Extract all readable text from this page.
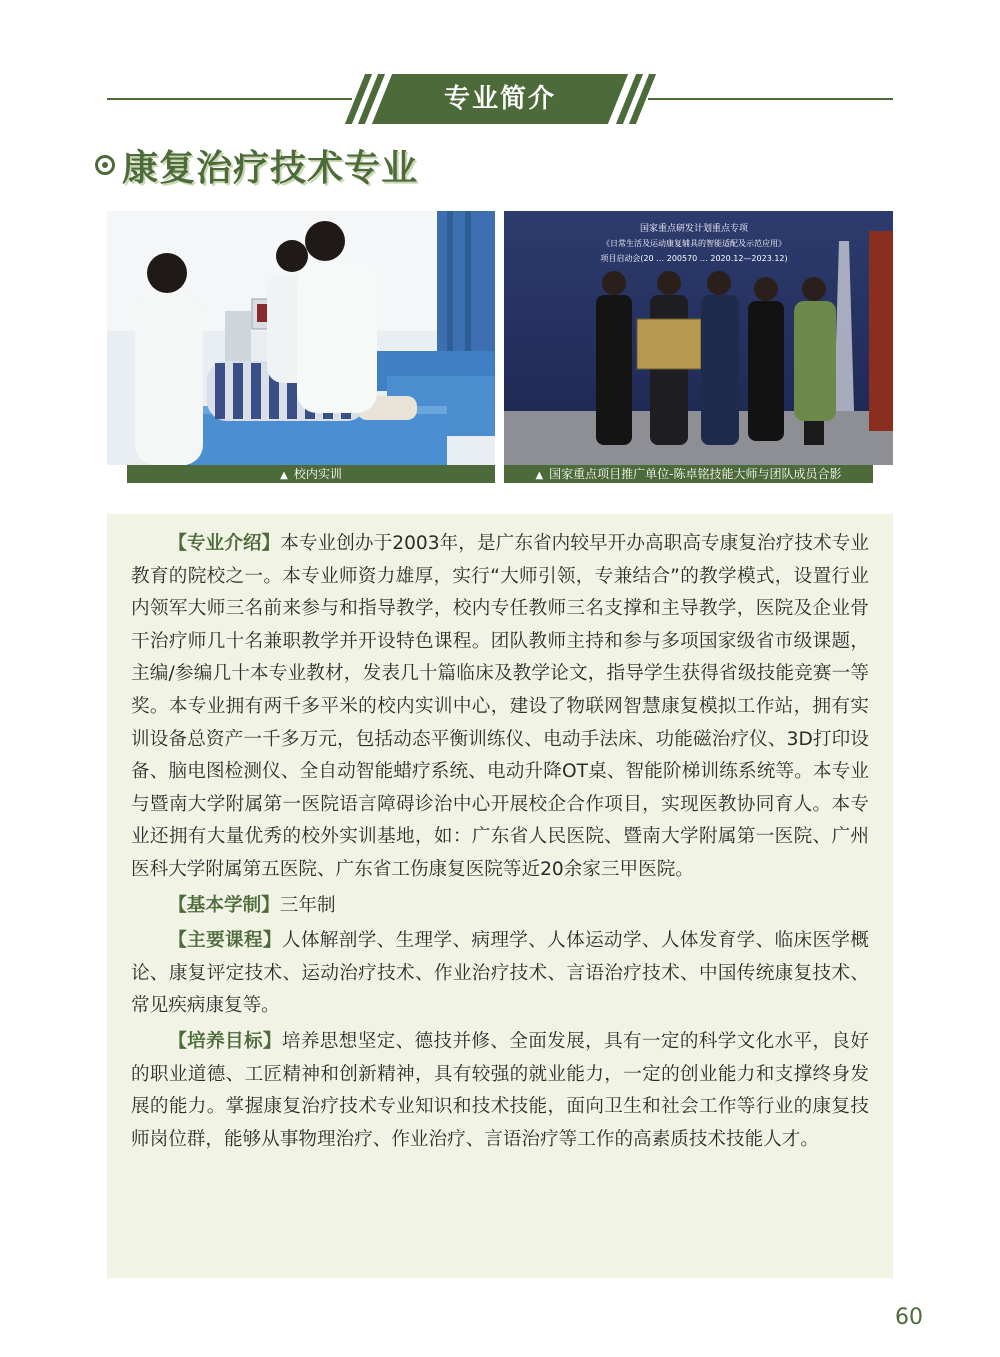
专业简介
康复治疗技术专业
▲ 校内实训
国家重点研发计划重点专项
《日常生活及运动康复辅具的智能适配及示范应用》
项目启动会(20 … 200570 … 2020.12—2023.12)
▲ 国家重点项目推广单位-陈卓铭技能大师与团队成员合影

【专业介绍】本专业创办于2003年，是广东省内较早开办高职高专康复治疗技术专业教育的院校之一。本专业师资力雄厚，实行“大师引领，专兼结合”的教学模式，设置行业内领军大师三名前来参与和指导教学，校内专任教师三名支撑和主导教学，医院及企业骨干治疗师几十名兼职教学并开设特色课程。团队教师主持和参与多项国家级省市级课题，主编/参编几十本专业教材，发表几十篇临床及教学论文，指导学生获得省级技能竞赛一等奖。本专业拥有两千多平米的校内实训中心，建设了物联网智慧康复模拟工作站，拥有实训设备总资产一千多万元，包括动态平衡训练仪、电动手法床、功能磁治疗仪、3D打印设备、脑电图检测仪、全自动智能蜡疗系统、电动升降OT桌、智能阶梯训练系统等。本专业与暨南大学附属第一医院语言障碍诊治中心开展校企合作项目，实现医教协同育人。本专业还拥有大量优秀的校外实训基地，如：广东省人民医院、暨南大学附属第一医院、广州医科大学附属第五医院、广东省工伤康复医院等近20余家三甲医院。

【基本学制】三年制

【主要课程】人体解剖学、生理学、病理学、人体运动学、人体发育学、临床医学概论、康复评定技术、运动治疗技术、作业治疗技术、言语治疗技术、中国传统康复技术、常见疾病康复等。

【培养目标】培养思想坚定、德技并修、全面发展，具有一定的科学文化水平，良好的职业道德、工匠精神和创新精神，具有较强的就业能力，一定的创业能力和支撑终身发展的能力。掌握康复治疗技术专业知识和技术技能，面向卫生和社会工作等行业的康复技师岗位群，能够从事物理治疗、作业治疗、言语治疗等工作的高素质技术技能人才。

60
